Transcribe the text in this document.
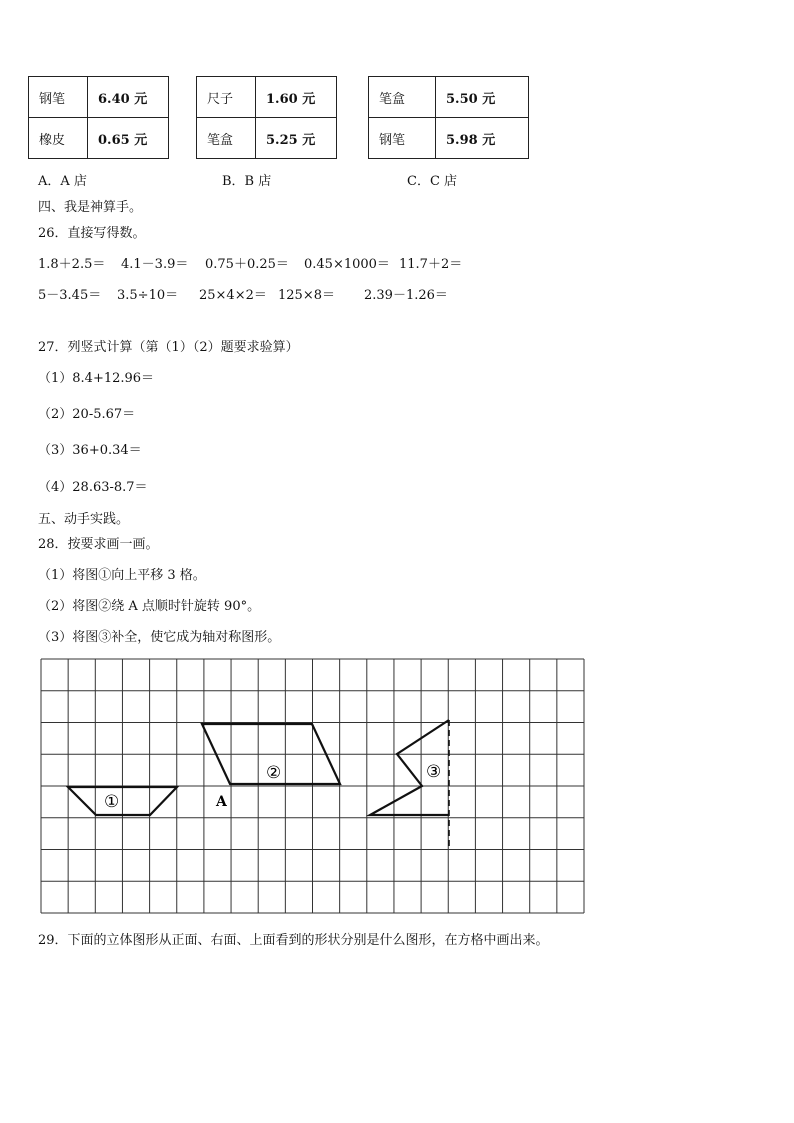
钢笔	6.40 元
橡皮	0.65 元
尺子	1.60 元
笔盒	5.25 元
笔盒	5.50 元
钢笔	5.98 元
A．A 店	B．B 店	C．C 店
四、我是神算手。
26．直接写得数。
1.8＋2.5＝ 4.1－3.9＝ 0.75＋0.25＝ 0.45×1000＝ 11.7＋2＝
5－3.45＝ 3.5÷10＝ 25×4×2＝ 125×8＝ 2.39－1.26＝
27．列竖式计算（第（1）（2）题要求验算）
（1）8.4+12.96＝
（2）20-5.67＝
（3）36+0.34＝
（4）28.63-8.7＝
五、动手实践。
28．按要求画一画。
（1）将图①向上平移 3 格。
（2）将图②绕 A 点顺时针旋转 90°。
（3）将图③补全，使它成为轴对称图形。
①
②
A
③
29．下面的立体图形从正面、右面、上面看到的形状分别是什么图形，在方格中画出来。
